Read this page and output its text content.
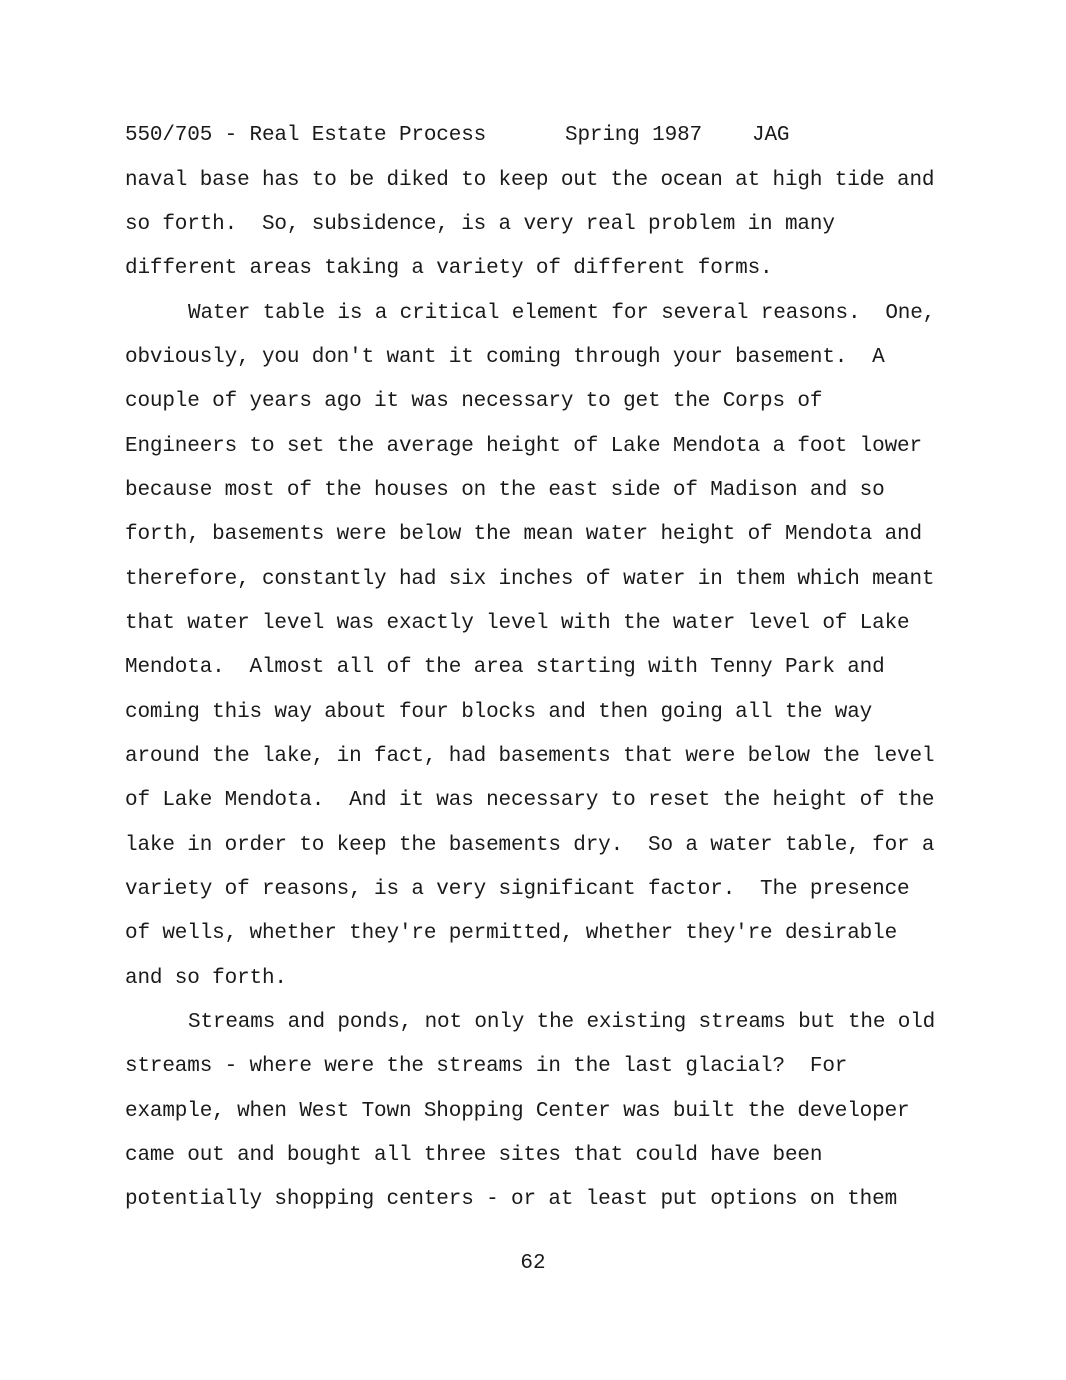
550/705 - Real Estate Process	Spring 1987 JAG
naval base has to be diked to keep out the ocean at high tide and
so forth.  So, subsidence, is a very real problem in many
different areas taking a variety of different forms.
Water table is a critical element for several reasons.  One,
obviously, you don't want it coming through your basement.  A
couple of years ago it was necessary to get the Corps of
Engineers to set the average height of Lake Mendota a foot lower
because most of the houses on the east side of Madison and so
forth, basements were below the mean water height of Mendota and
therefore, constantly had six inches of water in them which meant
that water level was exactly level with the water level of Lake
Mendota.  Almost all of the area starting with Tenny Park and
coming this way about four blocks and then going all the way
around the lake, in fact, had basements that were below the level
of Lake Mendota.  And it was necessary to reset the height of the
lake in order to keep the basements dry.  So a water table, for a
variety of reasons, is a very significant factor.  The presence
of wells, whether they're permitted, whether they're desirable
and so forth.
Streams and ponds, not only the existing streams but the old
streams - where were the streams in the last glacial?  For
example, when West Town Shopping Center was built the developer
came out and bought all three sites that could have been
potentially shopping centers - or at least put options on them
62
